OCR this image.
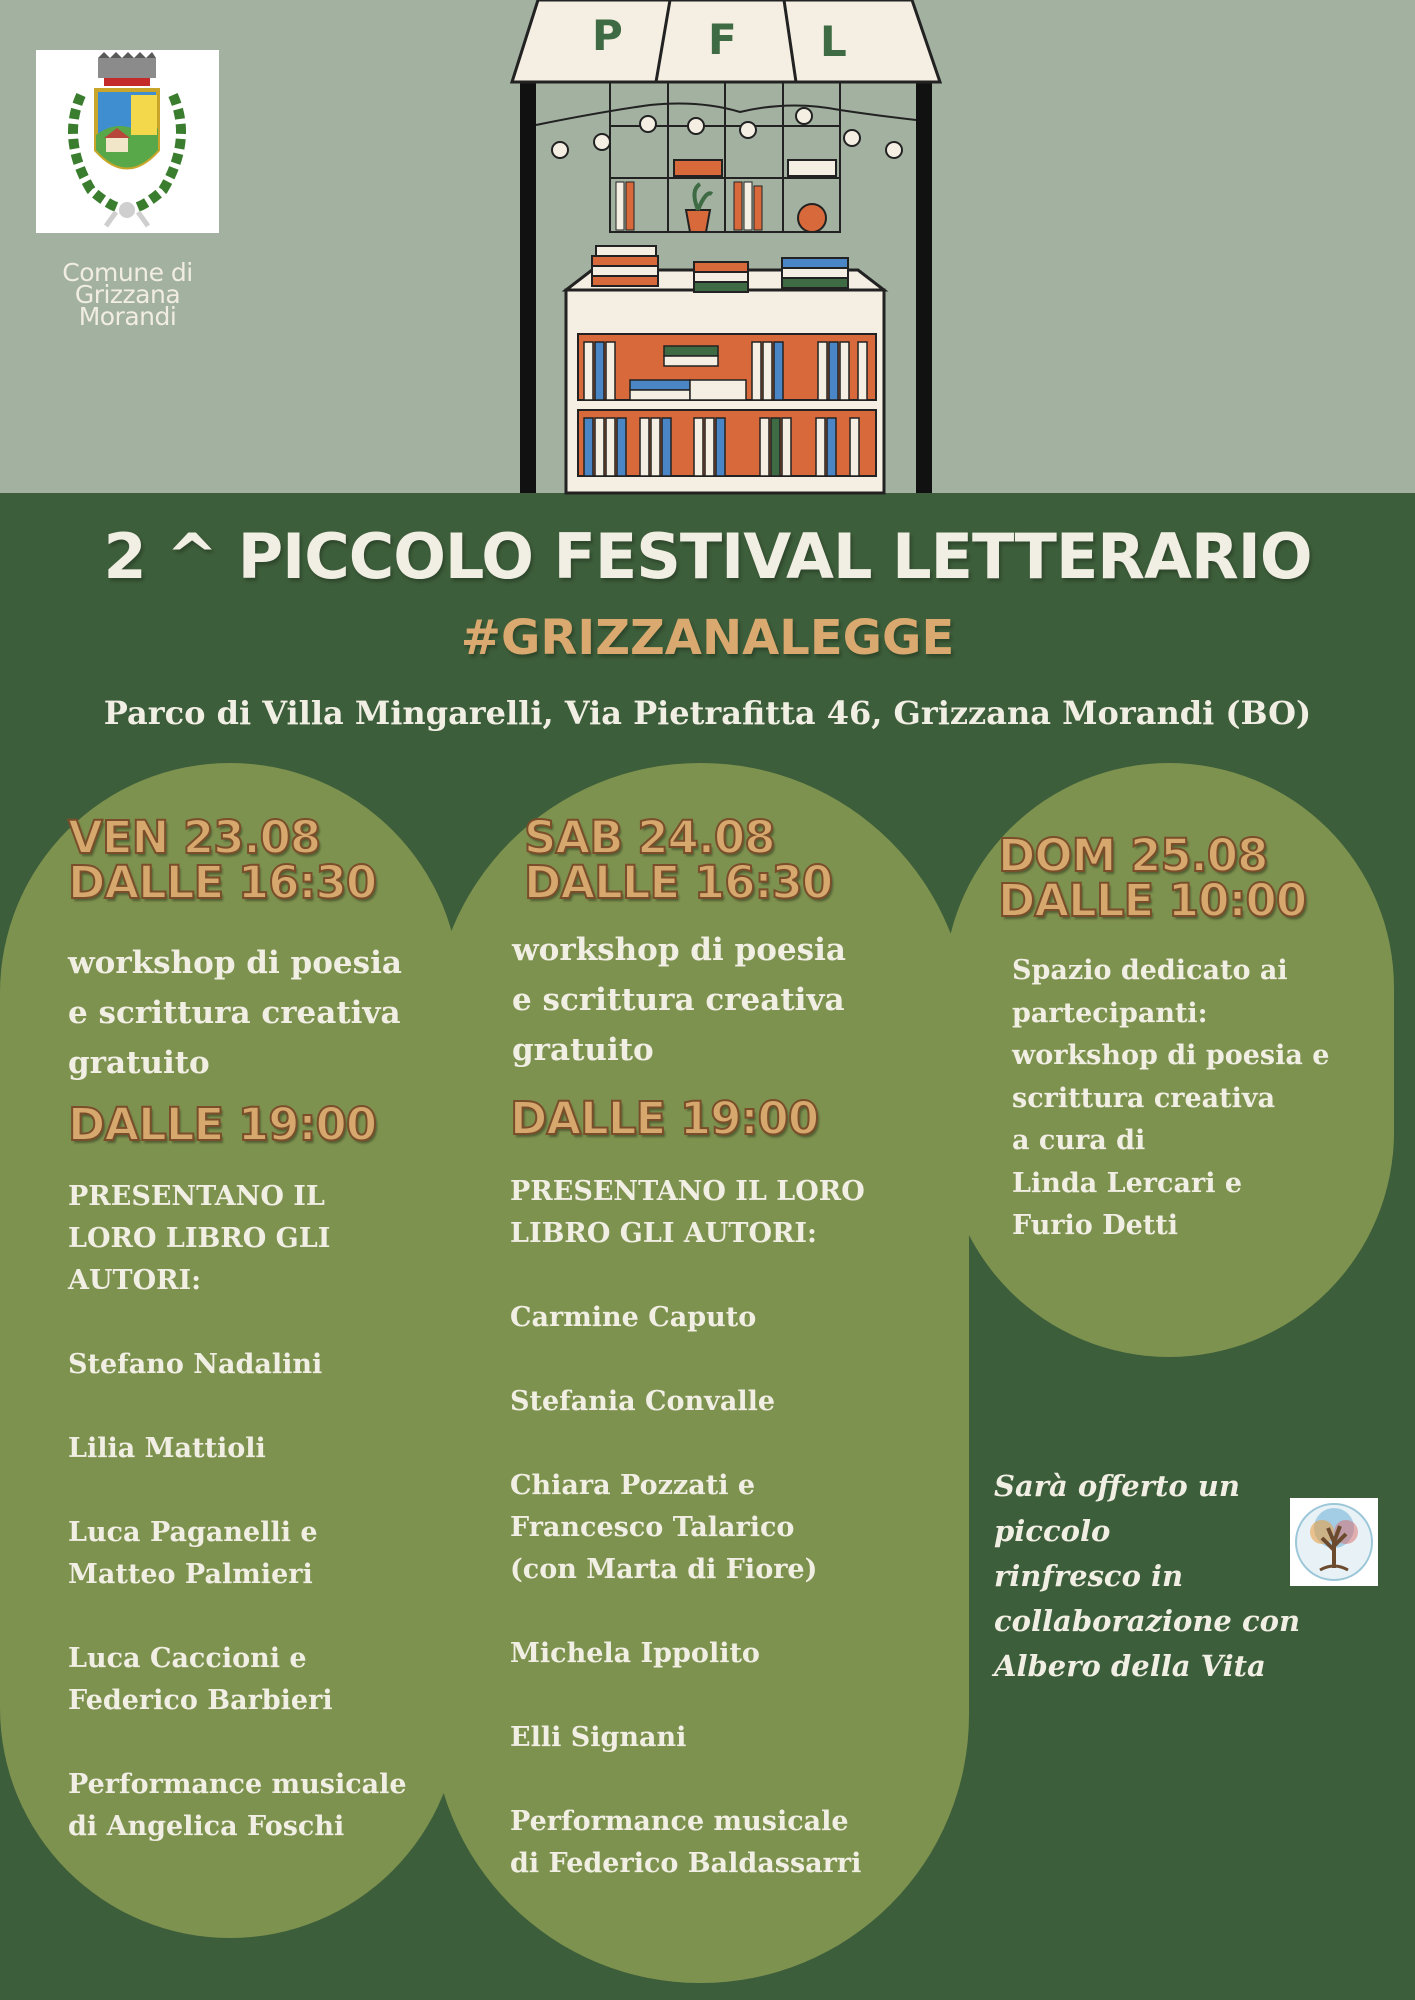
Comune di
Grizzana
Morandi
P F L
2 ^ PICCOLO FESTIVAL LETTERARIO
#GRIZZANALEGGE
Parco di Villa Mingarelli, Via Pietrafitta 46, Grizzana Morandi (BO)
VEN 23.08
DALLE 16:30
workshop di poesia
e scrittura creativa
gratuito
DALLE 19:00
PRESENTANO IL
LORO LIBRO GLI
AUTORI:
Stefano Nadalini
Lilia Mattioli
Luca Paganelli e
Matteo Palmieri
Luca Caccioni e
Federico Barbieri
Performance musicale
di Angelica Foschi
SAB 24.08
DALLE 16:30
workshop di poesia
e scrittura creativa
gratuito
DALLE 19:00
PRESENTANO IL LORO
LIBRO GLI AUTORI:
Carmine Caputo
Stefania Convalle
Chiara Pozzati e
Francesco Talarico
(con Marta di Fiore)
Michela Ippolito
Elli Signani
Performance musicale
di Federico Baldassarri
DOM 25.08
DALLE 10:00
Spazio dedicato ai
partecipanti:
workshop di poesia e
scrittura creativa
a cura di
Linda Lercari e
Furio Detti
Sarà offerto un
piccolo
rinfresco in
collaborazione con
Albero della Vita
